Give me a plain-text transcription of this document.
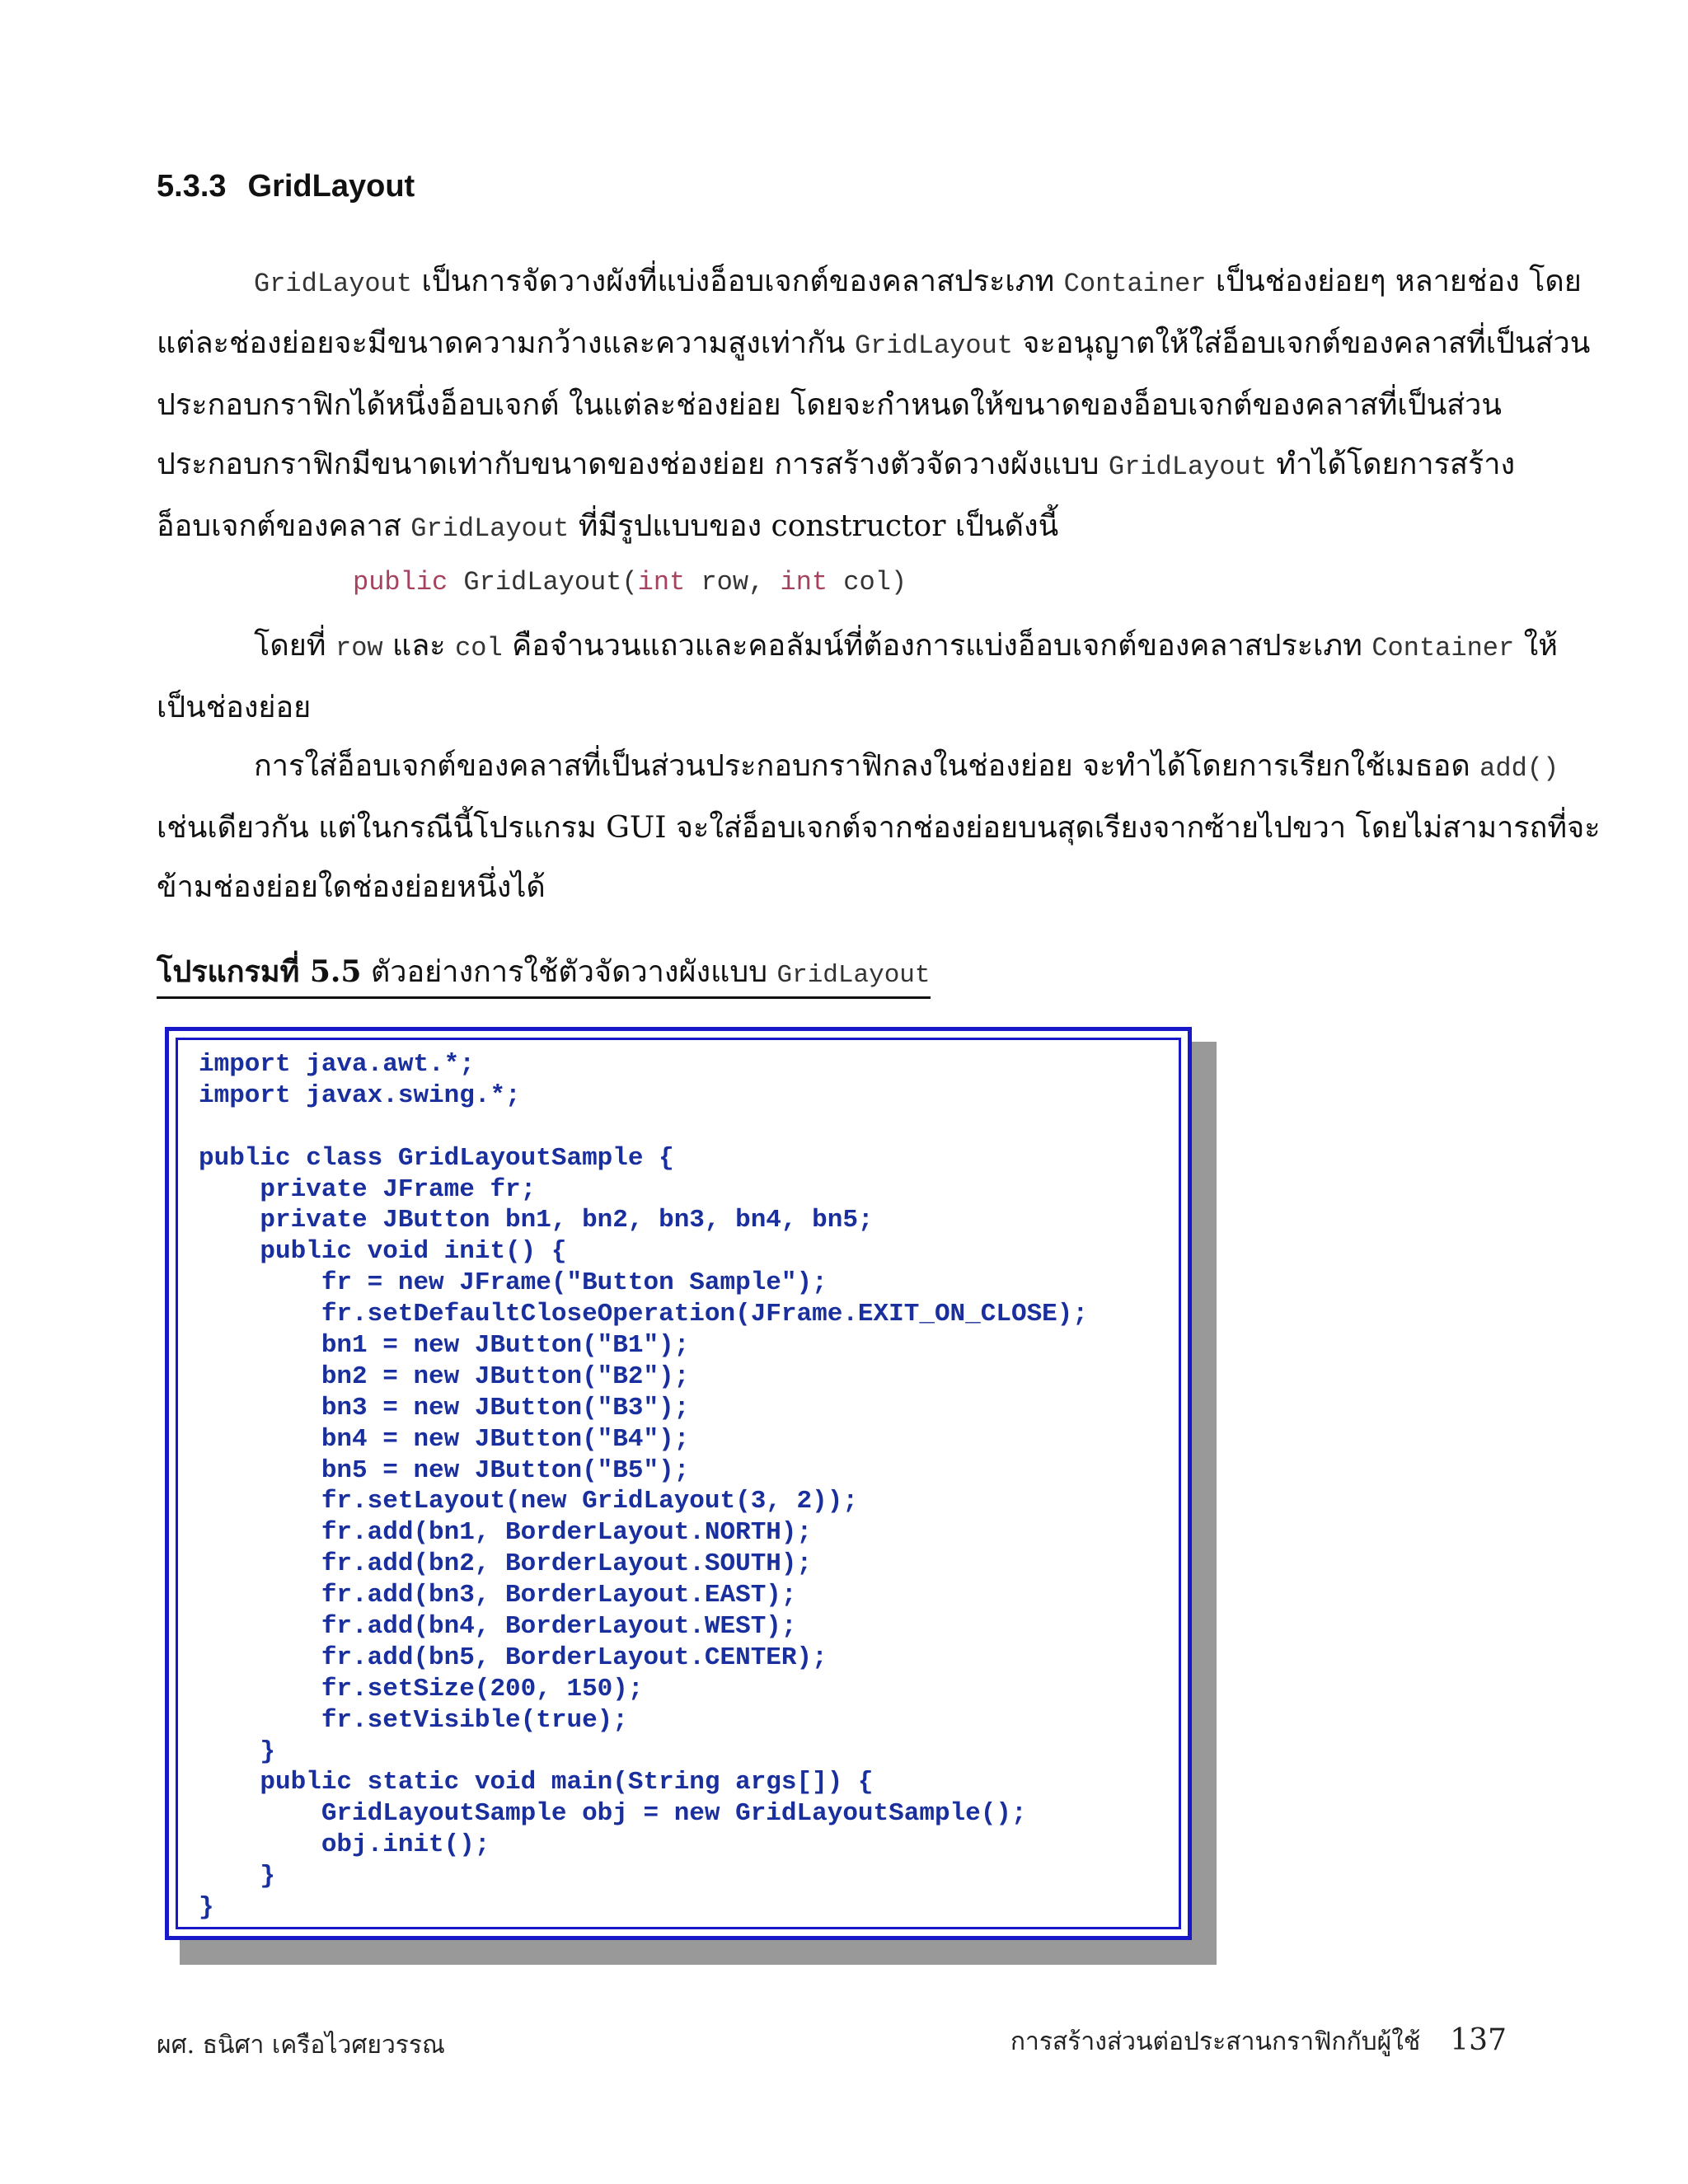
5.3.3 GridLayout
GridLayout เป็นการจัดวางผังที่แบ่งอ็อบเจกต์ของคลาสประเภท Container เป็นช่องย่อยๆ หลายช่อง โดย
แต่ละช่องย่อยจะมีขนาดความกว้างและความสูงเท่ากัน GridLayout จะอนุญาตให้ใส่อ็อบเจกต์ของคลาสที่เป็นส่วน
ประกอบกราฟิกได้หนึ่งอ็อบเจกต์ ในแต่ละช่องย่อย โดยจะกำหนดให้ขนาดของอ็อบเจกต์ของคลาสที่เป็นส่วน
ประกอบกราฟิกมีขนาดเท่ากับขนาดของช่องย่อย การสร้างตัวจัดวางผังแบบ GridLayout ทำได้โดยการสร้าง
อ็อบเจกต์ของคลาส GridLayout ที่มีรูปแบบของ constructor เป็นดังนี้
public GridLayout(int row, int col)
โดยที่ row และ col คือจำนวนแถวและคอลัมน์ที่ต้องการแบ่งอ็อบเจกต์ของคลาสประเภท Container ให้
เป็นช่องย่อย
การใส่อ็อบเจกต์ของคลาสที่เป็นส่วนประกอบกราฟิกลงในช่องย่อย จะทำได้โดยการเรียกใช้เมธอด add()
เช่นเดียวกัน แต่ในกรณีนี้โปรแกรม GUI จะใส่อ็อบเจกต์จากช่องย่อยบนสุดเรียงจากซ้ายไปขวา โดยไม่สามารถที่จะ
ข้ามช่องย่อยใดช่องย่อยหนึ่งได้
โปรแกรมที่ 5.5 ตัวอย่างการใช้ตัวจัดวางผังแบบ GridLayout
import java.awt.*;
import javax.swing.*;
public class GridLayoutSample {
private JFrame fr;
private JButton bn1, bn2, bn3, bn4, bn5;
public void init() {
fr = new JFrame("Button Sample");
fr.setDefaultCloseOperation(JFrame.EXIT_ON_CLOSE);
bn1 = new JButton("B1");
bn2 = new JButton("B2");
bn3 = new JButton("B3");
bn4 = new JButton("B4");
bn5 = new JButton("B5");
fr.setLayout(new GridLayout(3, 2));
fr.add(bn1, BorderLayout.NORTH);
fr.add(bn2, BorderLayout.SOUTH);
fr.add(bn3, BorderLayout.EAST);
fr.add(bn4, BorderLayout.WEST);
fr.add(bn5, BorderLayout.CENTER);
fr.setSize(200, 150);
fr.setVisible(true);
}
public static void main(String args[]) {
GridLayoutSample obj = new GridLayoutSample();
obj.init();
}
}
ผศ. ธนิศา เครือไวศยวรรณ	การสร้างส่วนต่อประสานกราฟิกกับผู้ใช้ 137
